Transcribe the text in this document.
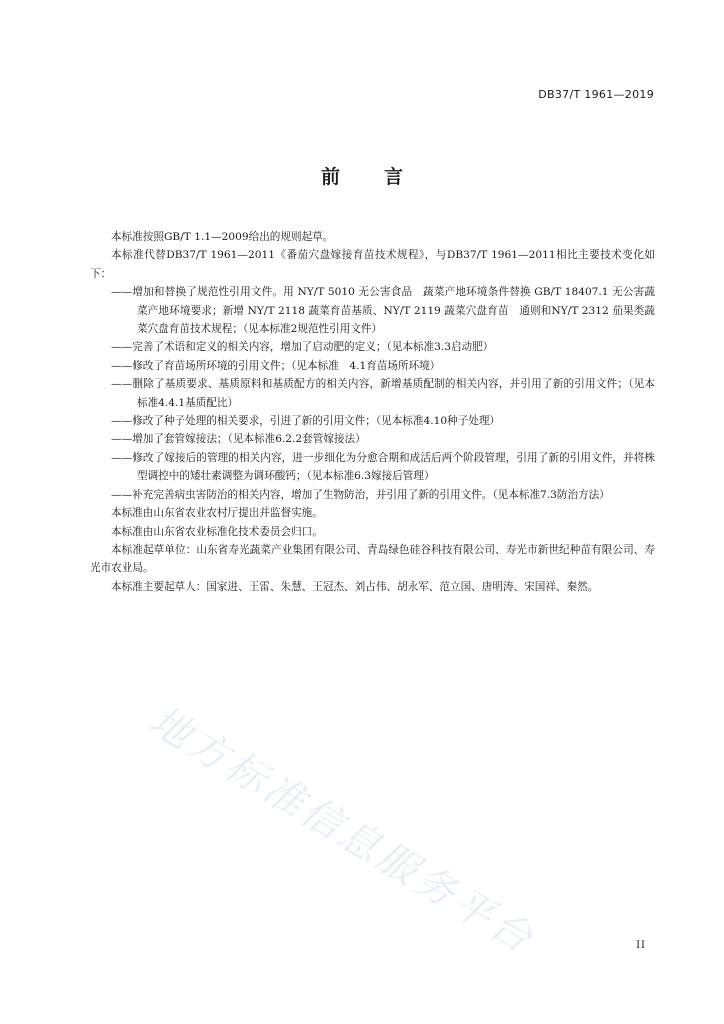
DB37/T 1961—2019
前 言
本标准按照GB/T 1.1—2009给出的规则起草。
本标准代替DB37/T 1961—2011《番茄穴盘嫁接育苗技术规程》，与DB37/T 1961—2011相比主要技术变化如下：
——增加和替换了规范性引用文件。用 NY/T 5010 无公害食品　蔬菜产地环境条件替换 GB/T 18407.1 无公害蔬菜产地环境要求；新增 NY/T 2118 蔬菜育苗基质、NY/T 2119 蔬菜穴盘育苗　通则和NY/T 2312 茄果类蔬菜穴盘育苗技术规程；（见本标准2规范性引用文件）
——完善了术语和定义的相关内容，增加了启动肥的定义；（见本标准3.3启动肥）
——修改了育苗场所环境的引用文件；（见本标准　4.1育苗场所环境）
——删除了基质要求、基质原料和基质配方的相关内容，新增基质配制的相关内容，并引用了新的引用文件；（见本标准4.4.1基质配比）
——修改了种子处理的相关要求，引进了新的引用文件；（见本标准4.10种子处理）
——增加了套管嫁接法；（见本标准6.2.2套管嫁接法）
——修改了嫁接后的管理的相关内容，进一步细化为分愈合期和成活后两个阶段管理，引用了新的引用文件，并将株型调控中的矮壮素调整为调环酸钙；（见本标准6.3嫁接后管理）
——补充完善病虫害防治的相关内容，增加了生物防治，并引用了新的引用文件。（见本标准7.3防治方法）
本标准由山东省农业农村厅提出并监督实施。
本标准由山东省农业标准化技术委员会归口。
本标准起草单位：山东省寿光蔬菜产业集团有限公司、青岛绿色硅谷科技有限公司、寿光市新世纪种苗有限公司、寿光市农业局。
本标准主要起草人：国家进、王雷、朱慧、王冠杰、刘占伟、胡永军、范立国、唐明涛、宋国祥、秦然。
地方标准信息服务平台	II
